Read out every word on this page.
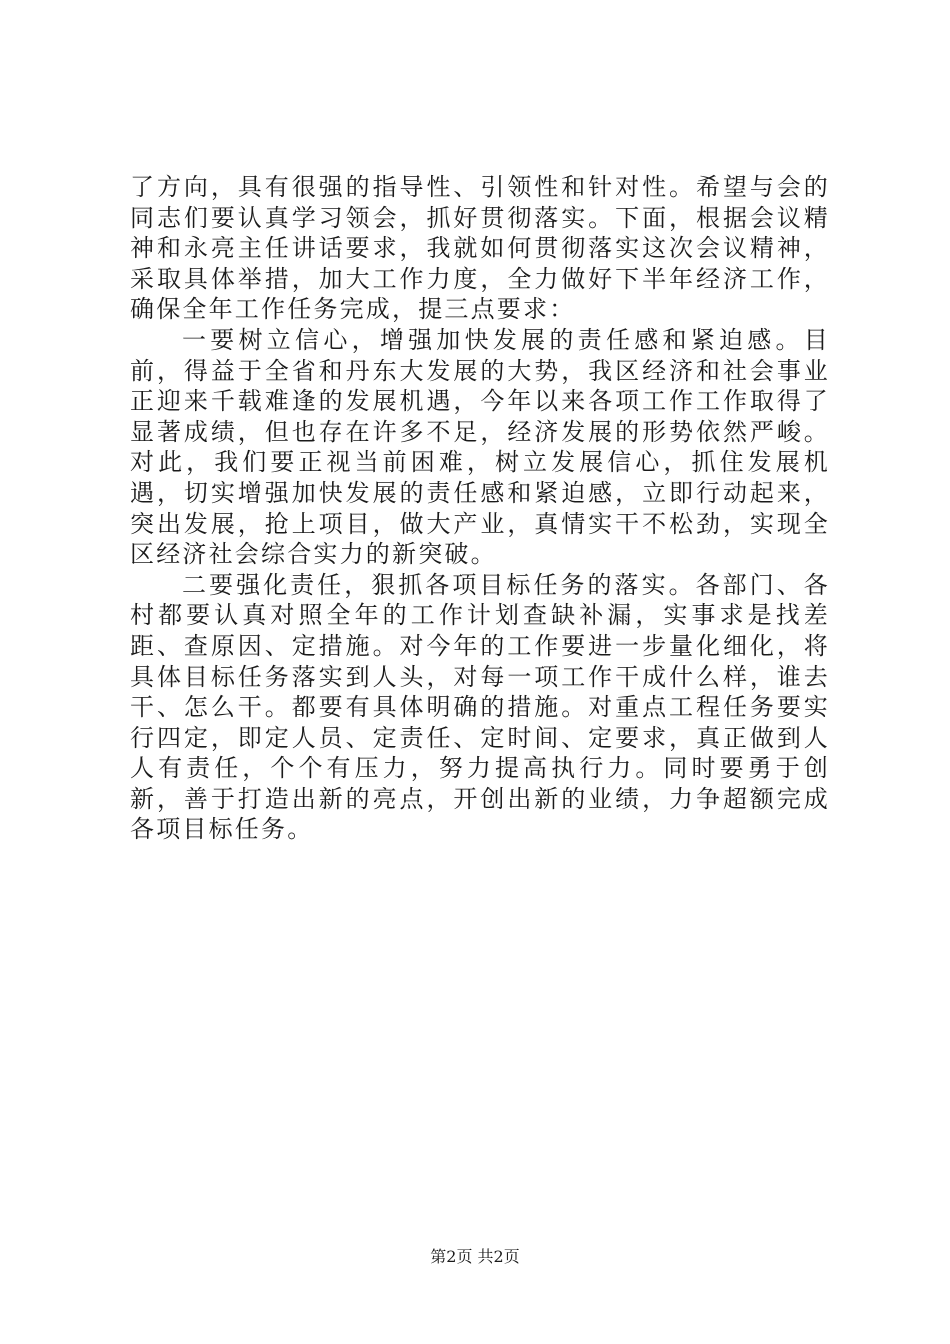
了方向，具有很强的指导性、引领性和针对性。希望与会的同志们要认真学习领会，抓好贯彻落实。下面，根据会议精神和永亮主任讲话要求，我就如何贯彻落实这次会议精神，采取具体举措，加大工作力度，全力做好下半年经济工作，确保全年工作任务完成，提三点要求：

一要树立信心，增强加快发展的责任感和紧迫感。目前，得益于全省和丹东大发展的大势，我区经济和社会事业正迎来千载难逢的发展机遇，今年以来各项工作工作取得了显著成绩，但也存在许多不足，经济发展的形势依然严峻。对此，我们要正视当前困难，树立发展信心，抓住发展机遇，切实增强加快发展的责任感和紧迫感，立即行动起来，突出发展，抢上项目，做大产业，真情实干不松劲，实现全区经济社会综合实力的新突破。

二要强化责任，狠抓各项目标任务的落实。各部门、各村都要认真对照全年的工作计划查缺补漏，实事求是找差距、查原因、定措施。对今年的工作要进一步量化细化，将具体目标任务落实到人头，对每一项工作干成什么样，谁去干、怎么干。都要有具体明确的措施。对重点工程任务要实行四定，即定人员、定责任、定时间、定要求，真正做到人人有责任，个个有压力，努力提高执行力。同时要勇于创新，善于打造出新的亮点，开创出新的业绩，力争超额完成各项目标任务。

第2页 共2页
